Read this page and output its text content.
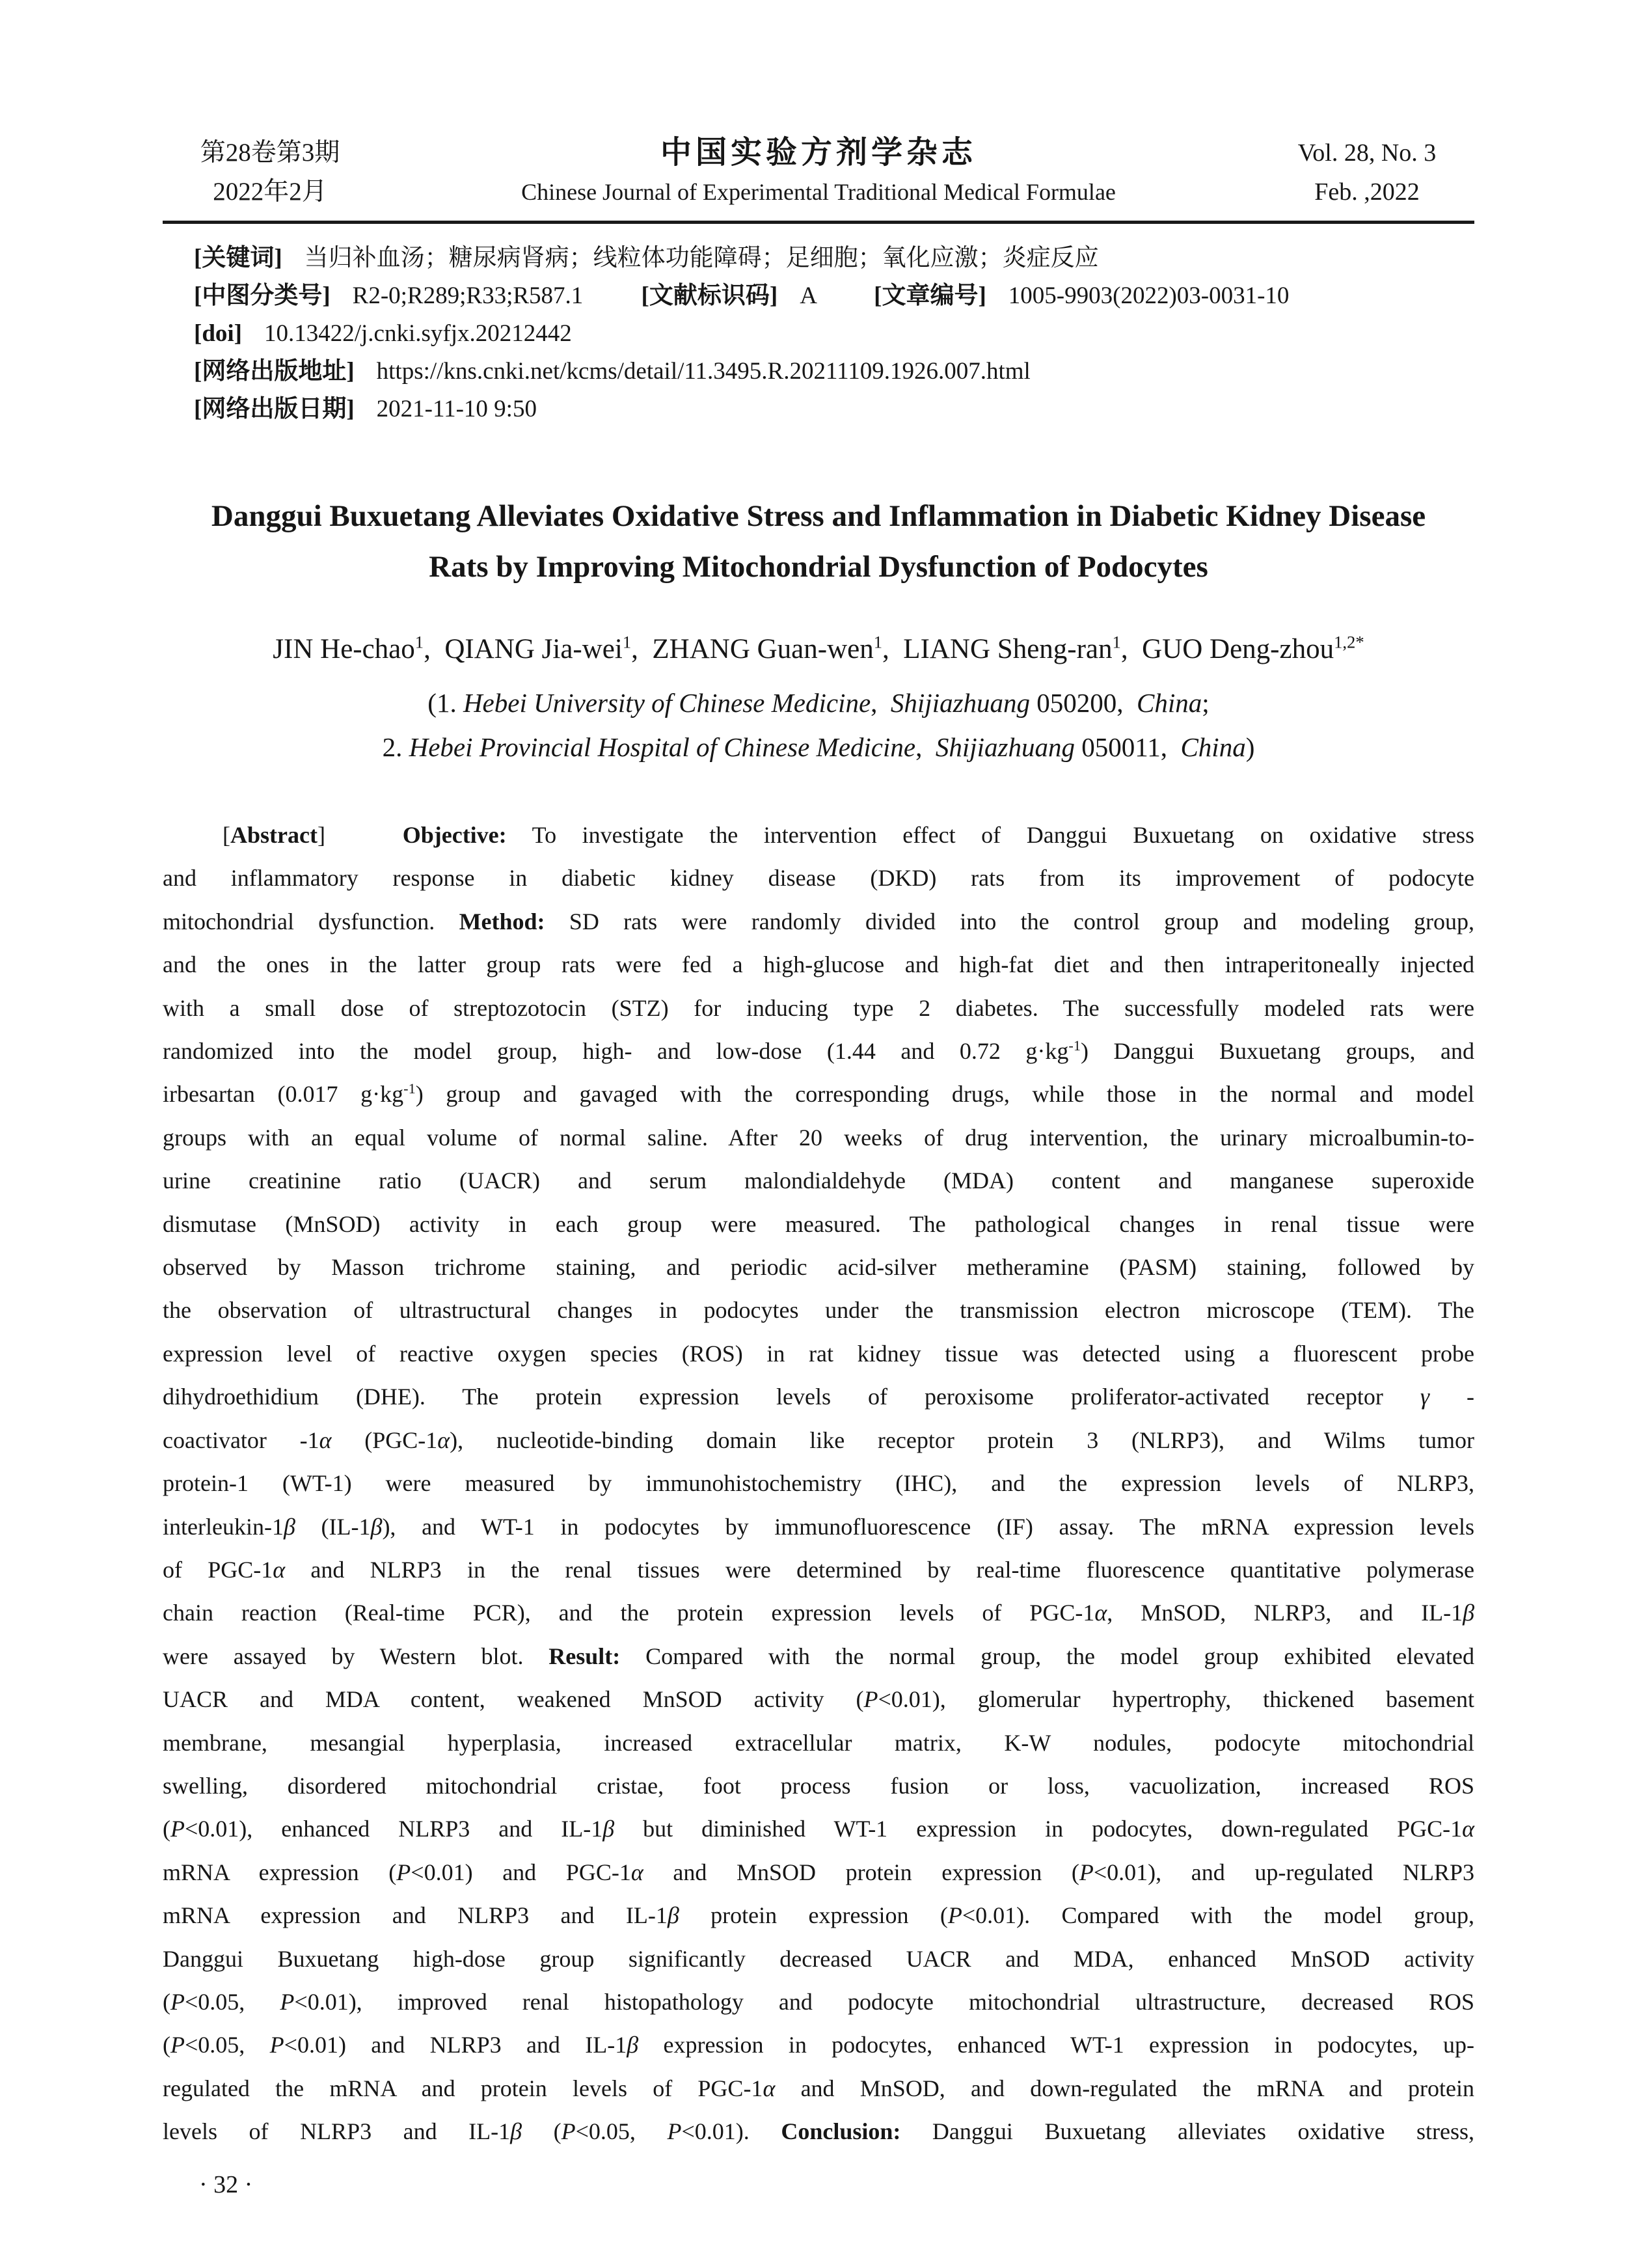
第28卷第3期
2022年2月
中国实验方剂学杂志
Chinese Journal of Experimental Traditional Medical Formulae
Vol. 28, No. 3
Feb. ,2022
[关键词] 当归补血汤；糖尿病肾病；线粒体功能障碍；足细胞；氧化应激；炎症反应
[中图分类号] R2-0;R289;R33;R587.1 [文献标识码] A [文章编号] 1005-9903(2022)03-0031-10
[doi] 10.13422/j.cnki.syfjx.20212442
[网络出版地址] https://kns.cnki.net/kcms/detail/11.3495.R.20211109.1926.007.html
[网络出版日期] 2021-11-10 9:50
Danggui Buxuetang Alleviates Oxidative Stress and Inflammation in Diabetic Kidney Disease
Rats by Improving Mitochondrial Dysfunction of Podocytes
JIN He-chao$^1$,  QIANG Jia-wei$^1$,  ZHANG Guan-wen$^1$,  LIANG Sheng-ran$^1$,  GUO Deng-zhou$^{1,2*}$
(1. Hebei University of Chinese Medicine,  Shijiazhuang 050200,  China;
2. Hebei Provincial Hospital of Chinese Medicine,  Shijiazhuang 050011,  China)
[Abstract]   Objective: To investigate the intervention effect of Danggui Buxuetang on oxidative stress
and inflammatory response in diabetic kidney disease (DKD) rats from its improvement of podocyte
mitochondrial dysfunction. Method: SD rats were randomly divided into the control group and modeling group,
and the ones in the latter group rats were fed a high-glucose and high-fat diet and then intraperitoneally injected
with a small dose of streptozotocin (STZ) for inducing type 2 diabetes. The successfully modeled rats were
randomized into the model group, high- and low-dose (1.44 and 0.72 $g\cdot kg^{-1}$) Danggui Buxuetang groups, and
irbesartan (0.017 $g\cdot kg^{-1}$) group and gavaged with the corresponding drugs, while those in the normal and model
groups with an equal volume of normal saline. After 20 weeks of drug intervention, the urinary microalbumin-to-
urine creatinine ratio (UACR) and serum malondialdehyde (MDA) content and manganese superoxide
dismutase (MnSOD) activity in each group were measured. The pathological changes in renal tissue were
observed by Masson trichrome staining, and periodic acid-silver metheramine (PASM) staining, followed by
the observation of ultrastructural changes in podocytes under the transmission electron microscope (TEM). The
expression level of reactive oxygen species (ROS) in rat kidney tissue was detected using a fluorescent probe
dihydroethidium (DHE). The protein expression levels of peroxisome proliferator-activated receptor γ -
coactivator -1α (PGC-1α), nucleotide-binding domain like receptor protein 3 (NLRP3), and Wilms tumor
protein-1 (WT-1) were measured by immunohistochemistry (IHC), and the expression levels of NLRP3,
interleukin-1β (IL-1β), and WT-1 in podocytes by immunofluorescence (IF) assay. The mRNA expression levels
of PGC-1α and NLRP3 in the renal tissues were determined by real-time fluorescence quantitative polymerase
chain reaction (Real-time PCR), and the protein expression levels of PGC-1α, MnSOD, NLRP3, and IL-1β
were assayed by Western blot. Result: Compared with the normal group, the model group exhibited elevated
UACR and MDA content, weakened MnSOD activity (P<0.01), glomerular hypertrophy, thickened basement
membrane, mesangial hyperplasia, increased extracellular matrix, K-W nodules, podocyte mitochondrial
swelling, disordered mitochondrial cristae, foot process fusion or loss, vacuolization, increased ROS
(P<0.01), enhanced NLRP3 and IL-1β but diminished WT-1 expression in podocytes, down-regulated PGC-1α
mRNA expression (P<0.01) and PGC-1α and MnSOD protein expression (P<0.01), and up-regulated NLRP3
mRNA expression and NLRP3 and IL-1β protein expression (P<0.01). Compared with the model group,
Danggui Buxuetang high-dose group significantly decreased UACR and MDA, enhanced MnSOD activity
(P<0.05, P<0.01), improved renal histopathology and podocyte mitochondrial ultrastructure, decreased ROS
(P<0.05, P<0.01) and NLRP3 and IL-1β expression in podocytes, enhanced WT-1 expression in podocytes, up-
regulated the mRNA and protein levels of PGC-1α and MnSOD, and down-regulated the mRNA and protein
levels of NLRP3 and IL-1β (P<0.05, P<0.01). Conclusion: Danggui Buxuetang alleviates oxidative stress,
· 32 ·
